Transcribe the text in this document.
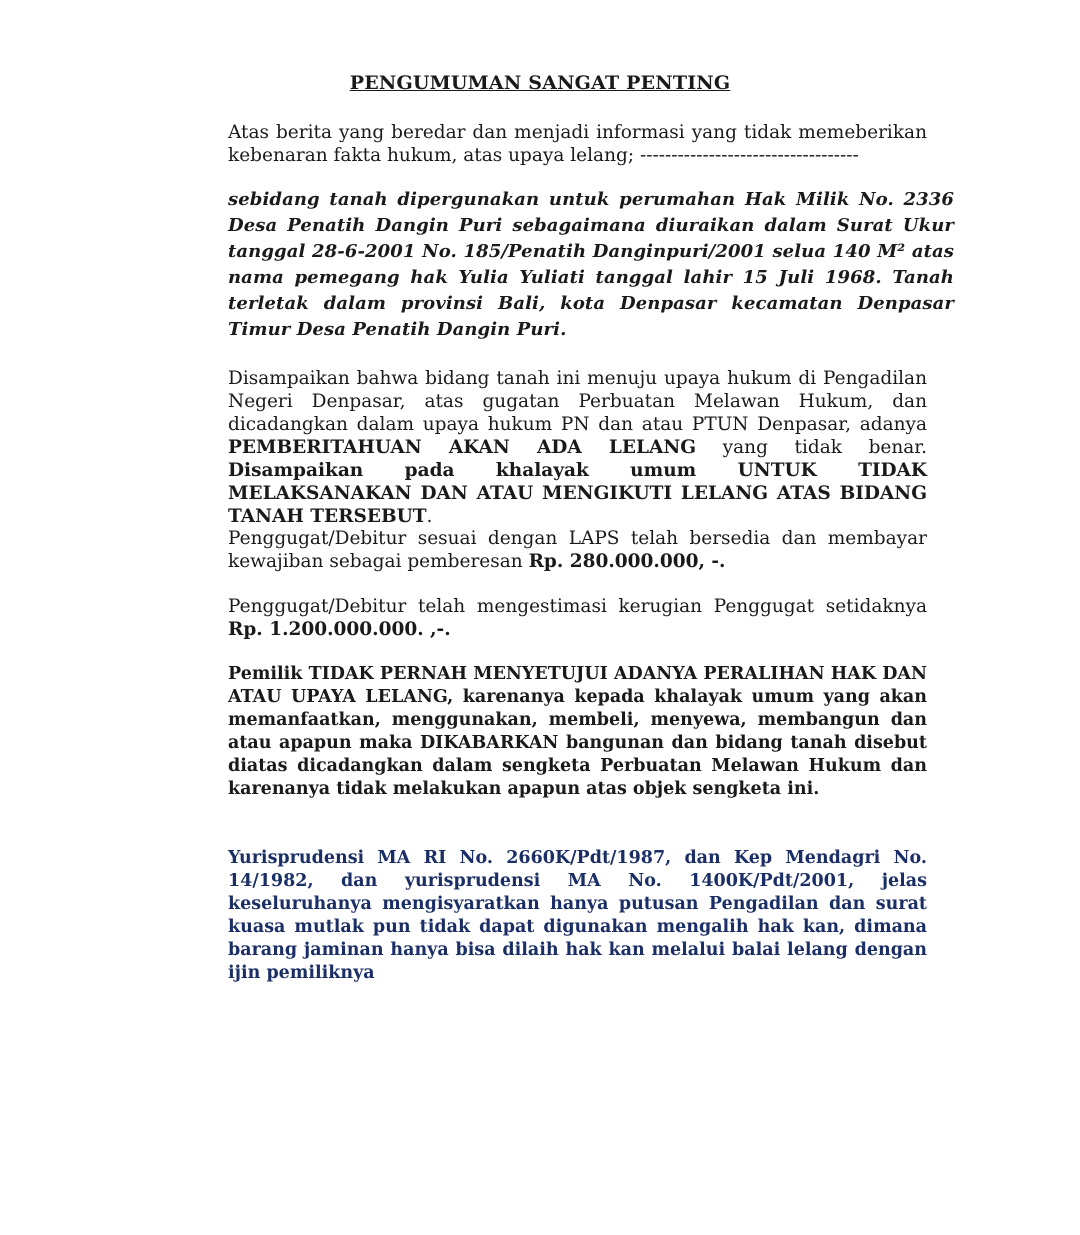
PENGUMUMAN SANGAT PENTING
Atas berita yang beredar dan menjadi informasi yang tidak memeberikan kebenaran fakta hukum, atas upaya lelang; -----------------------------------
sebidang tanah dipergunakan untuk perumahan Hak Milik No. 2336 Desa Penatih Dangin Puri sebagaimana diuraikan dalam Surat Ukur tanggal 28-6-2001 No. 185/Penatih Danginpuri/2001 selua 140 M² atas nama pemegang hak Yulia Yuliati tanggal lahir 15 Juli 1968. Tanah terletak dalam provinsi Bali, kota Denpasar kecamatan Denpasar Timur Desa Penatih Dangin Puri.
Disampaikan bahwa bidang tanah ini menuju upaya hukum di Pengadilan Negeri Denpasar, atas gugatan Perbuatan Melawan Hukum, dan dicadangkan dalam upaya hukum PN dan atau PTUN Denpasar, adanya PEMBERITAHUAN AKAN ADA LELANG yang tidak benar. Disampaikan pada khalayak umum UNTUK TIDAK MELAKSANAKAN DAN ATAU MENGIKUTI LELANG ATAS BIDANG TANAH TERSEBUT.
Penggugat/Debitur sesuai dengan LAPS telah bersedia dan membayar kewajiban sebagai pemberesan Rp. 280.000.000, -.
Penggugat/Debitur telah mengestimasi kerugian Penggugat setidaknya Rp. 1.200.000.000. ,-.
Pemilik TIDAK PERNAH MENYETUJUI ADANYA PERALIHAN HAK DAN ATAU UPAYA LELANG, karenanya kepada khalayak umum yang akan memanfaatkan, menggunakan, membeli, menyewa, membangun dan atau apapun maka DIKABARKAN bangunan dan bidang tanah disebut diatas dicadangkan dalam sengketa Perbuatan Melawan Hukum dan karenanya tidak melakukan apapun atas objek sengketa ini.
Yurisprudensi MA RI No. 2660K/Pdt/1987, dan Kep Mendagri No. 14/1982, dan yurisprudensi MA No. 1400K/Pdt/2001, jelas keseluruhanya mengisyaratkan hanya putusan Pengadilan dan surat kuasa mutlak pun tidak dapat digunakan mengalih hak kan, dimana barang jaminan hanya bisa dilaih hak kan melalui balai lelang dengan ijin pemiliknya
